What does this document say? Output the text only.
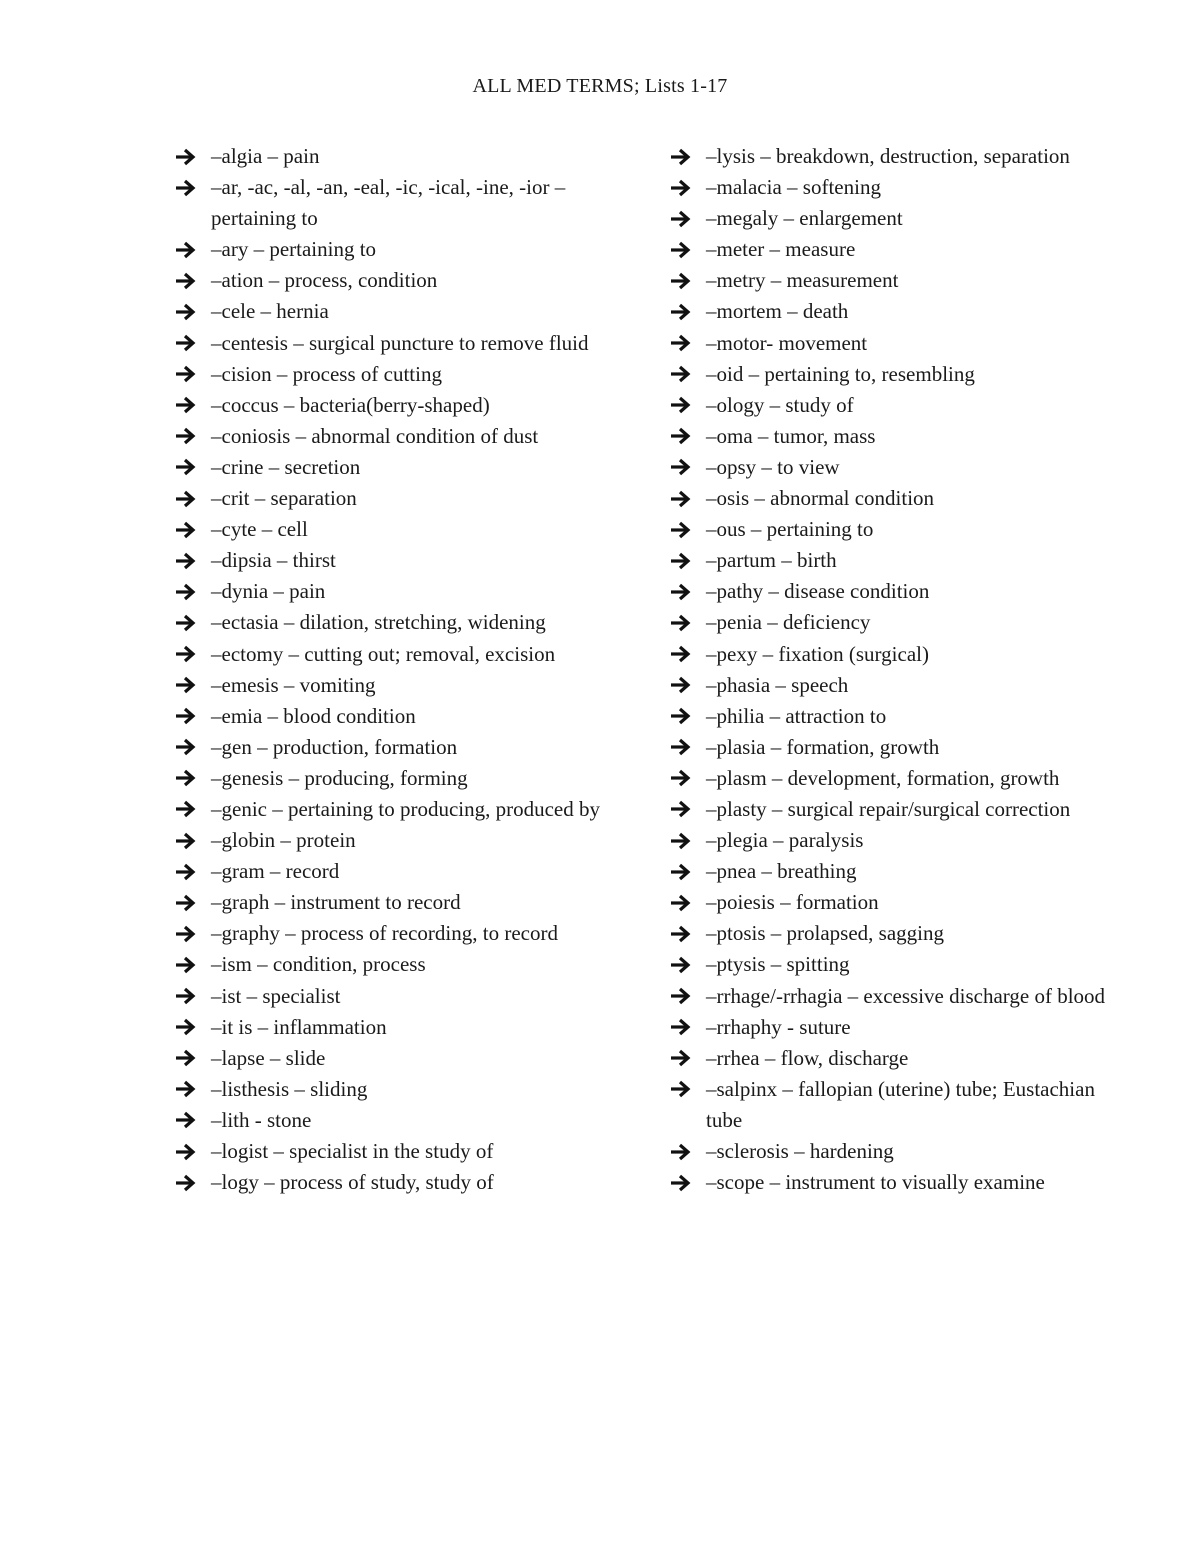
ALL MED TERMS; Lists 1-17
–algia – pain
–ar, -ac, -al, -an, -eal, -ic, -ical, -ine, -ior – pertaining to
–ary – pertaining to
–ation – process, condition
–cele – hernia
–centesis – surgical puncture to remove fluid
–cision – process of cutting
–coccus – bacteria(berry-shaped)
–coniosis – abnormal condition of dust
–crine – secretion
–crit – separation
–cyte – cell
–dipsia – thirst
–dynia – pain
–ectasia – dilation, stretching, widening
–ectomy – cutting out; removal, excision
–emesis – vomiting
–emia – blood condition
–gen – production, formation
–genesis – producing, forming
–genic – pertaining to producing, produced by
–globin – protein
–gram – record
–graph – instrument to record
–graphy – process of recording, to record
–ism – condition, process
–ist – specialist
–it is – inflammation
–lapse – slide
–listhesis – sliding
–lith - stone
–logist – specialist in the study of
–logy – process of study, study of
–lysis – breakdown, destruction, separation
–malacia – softening
–megaly – enlargement
–meter – measure
–metry – measurement
–mortem – death
–motor- movement
–oid – pertaining to, resembling
–ology – study of
–oma – tumor, mass
–opsy – to view
–osis – abnormal condition
–ous – pertaining to
–partum – birth
–pathy – disease condition
–penia – deficiency
–pexy – fixation (surgical)
–phasia – speech
–philia – attraction to
–plasia – formation, growth
–plasm – development, formation, growth
–plasty – surgical repair/surgical correction
–plegia – paralysis
–pnea – breathing
–poiesis – formation
–ptosis – prolapsed, sagging
–ptysis – spitting
–rrhage/-rrhagia – excessive discharge of blood
–rrhaphy - suture
–rrhea – flow, discharge
–salpinx – fallopian (uterine) tube; Eustachian tube
–sclerosis – hardening
–scope – instrument to visually examine
